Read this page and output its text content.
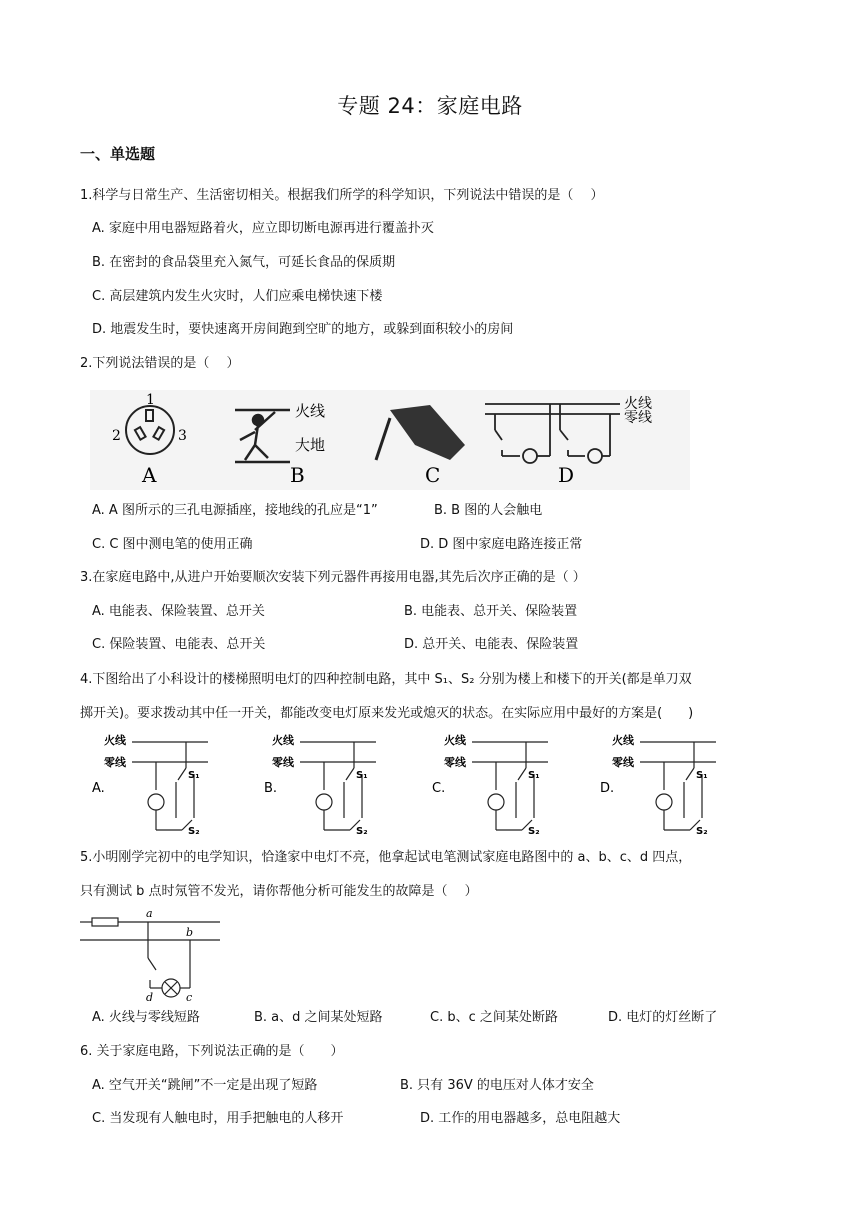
专题 24：家庭电路
一、单选题
1.科学与日常生产、生活密切相关。根据我们所学的科学知识，下列说法中错误的是（　 ）
A. 家庭中用电器短路着火，应立即切断电源再进行覆盖扑灭
B. 在密封的食品袋里充入氮气，可延长食品的保质期
C. 高层建筑内发生火灾时，人们应乘电梯快速下楼
D. 地震发生时，要快速离开房间跑到空旷的地方，或躲到面积较小的房间
2.下列说法错误的是（　 ）
1
2	3
A
火线
大地
B	C
火线
零线
D
A. A 图所示的三孔电源插座，接地线的孔应是“1”	B. B 图的人会触电
C. C 图中测电笔的使用正确	D. D 图中家庭电路连接正常
3.在家庭电路中,从进户开始要顺次安装下列元器件再接用电器,其先后次序正确的是（ ）
A. 电能表、保险装置、总开关	B. 电能表、总开关、保险装置
C. 保险装置、电能表、总开关	D. 总开关、电能表、保险装置
4.下图给出了小科设计的楼梯照明电灯的四种控制电路，其中 S₁、S₂ 分别为楼上和楼下的开关(都是单刀双
掷开关)。要求拨动其中任一开关，都能改变电灯原来发光或熄灭的状态。在实际应用中最好的方案是(　　)
火线
零线
S₁
S₂
火线
零线
S₁
S₂
火线
零线
S₁
S₂
火线
零线
S₁
S₂
A.	B.	C.	D.
5.小明刚学完初中的电学知识，恰逢家中电灯不亮，他拿起试电笔测试家庭电路图中的 a、b、c、d 四点，
只有测试 b 点时氖管不发光，请你帮他分析可能发生的故障是（　 ）
a
b
c
d
A. 火线与零线短路	B. a、d 之间某处短路	C. b、c 之间某处断路	D. 电灯的灯丝断了
6. 关于家庭电路，下列说法正确的是（　　）
A. 空气开关“跳闸”不一定是出现了短路	B. 只有 36V 的电压对人体才安全
C. 当发现有人触电时，用手把触电的人移开	D. 工作的用电器越多，总电阻越大
